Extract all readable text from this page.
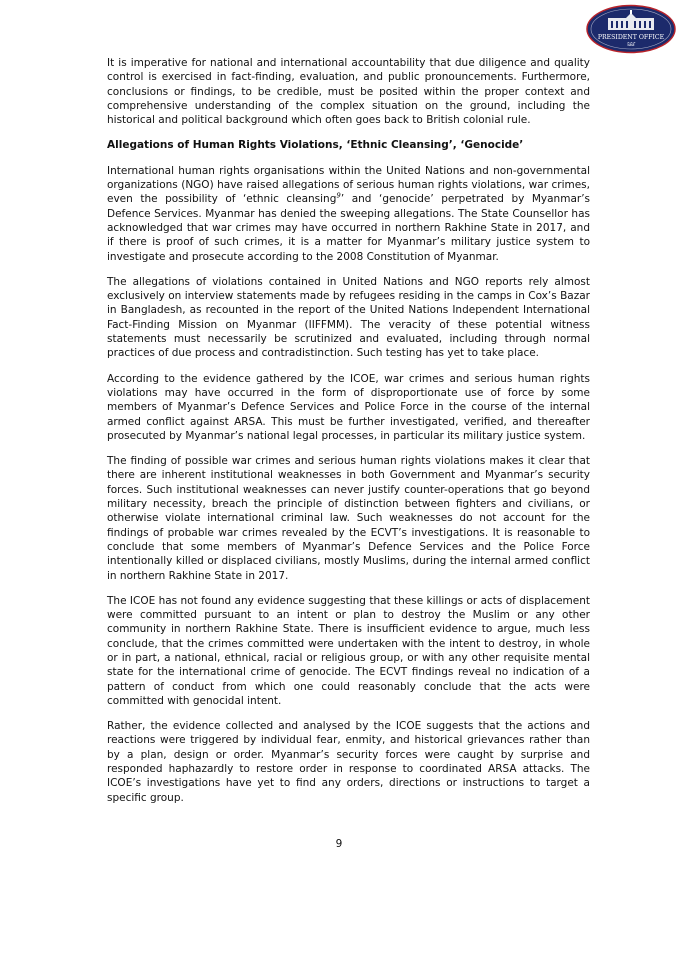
PRESIDENT OFFICE
ᥬᥳᥬᥳᥬ

It is imperative for national and international accountability that due diligence and quality control is exercised in fact-finding, evaluation, and public pronouncements. Furthermore, conclusions or findings, to be credible, must be posited within the proper context and comprehensive understanding of the complex situation on the ground, including the historical and political background which often goes back to British colonial rule.

Allegations of Human Rights Violations, ‘Ethnic Cleansing’, ‘Genocide’

International human rights organisations within the United Nations and non-governmental organizations (NGO) have raised allegations of serious human rights violations, war crimes, even the possibility of ‘ethnic cleansing$^9$’ and ‘genocide’ perpetrated by Myanmar’s Defence Services. Myanmar has denied the sweeping allegations. The State Counsellor has acknowledged that war crimes may have occurred in northern Rakhine State in 2017, and if there is proof of such crimes, it is a matter for Myanmar’s military justice system to investigate and prosecute according to the 2008 Constitution of Myanmar.

The allegations of violations contained in United Nations and NGO reports rely almost exclusively on interview statements made by refugees residing in the camps in Cox’s Bazar in Bangladesh, as recounted in the report of the United Nations Independent International Fact-Finding Mission on Myanmar (IIFFMM). The veracity of these potential witness statements must necessarily be scrutinized and evaluated, including through normal practices of due process and contradistinction. Such testing has yet to take place.

According to the evidence gathered by the ICOE, war crimes and serious human rights violations may have occurred in the form of disproportionate use of force by some members of Myanmar’s Defence Services and Police Force in the course of the internal armed conflict against ARSA. This must be further investigated, verified, and thereafter prosecuted by Myanmar’s national legal processes, in particular its military justice system.

The finding of possible war crimes and serious human rights violations makes it clear that there are inherent institutional weaknesses in both Government and Myanmar’s security forces. Such institutional weaknesses can never justify counter-operations that go beyond military necessity, breach the principle of distinction between fighters and civilians, or otherwise violate international criminal law. Such weaknesses do not account for the findings of probable war crimes revealed by the ECVT’s investigations. It is reasonable to conclude that some members of Myanmar’s Defence Services and the Police Force intentionally killed or displaced civilians, mostly Muslims, during the internal armed conflict in northern Rakhine State in 2017.

The ICOE has not found any evidence suggesting that these killings or acts of displacement were committed pursuant to an intent or plan to destroy the Muslim or any other community in northern Rakhine State. There is insufficient evidence to argue, much less conclude, that the crimes committed were undertaken with the intent to destroy, in whole or in part, a national, ethnical, racial or religious group, or with any other requisite mental state for the international crime of genocide. The ECVT findings reveal no indication of a pattern of conduct from which one could reasonably conclude that the acts were committed with genocidal intent.

Rather, the evidence collected and analysed by the ICOE suggests that the actions and reactions were triggered by individual fear, enmity, and historical grievances rather than by a plan, design or order. Myanmar’s security forces were caught by surprise and responded haphazardly to restore order in response to coordinated ARSA attacks. The ICOE’s investigations have yet to find any orders, directions or instructions to target a specific group.

9
